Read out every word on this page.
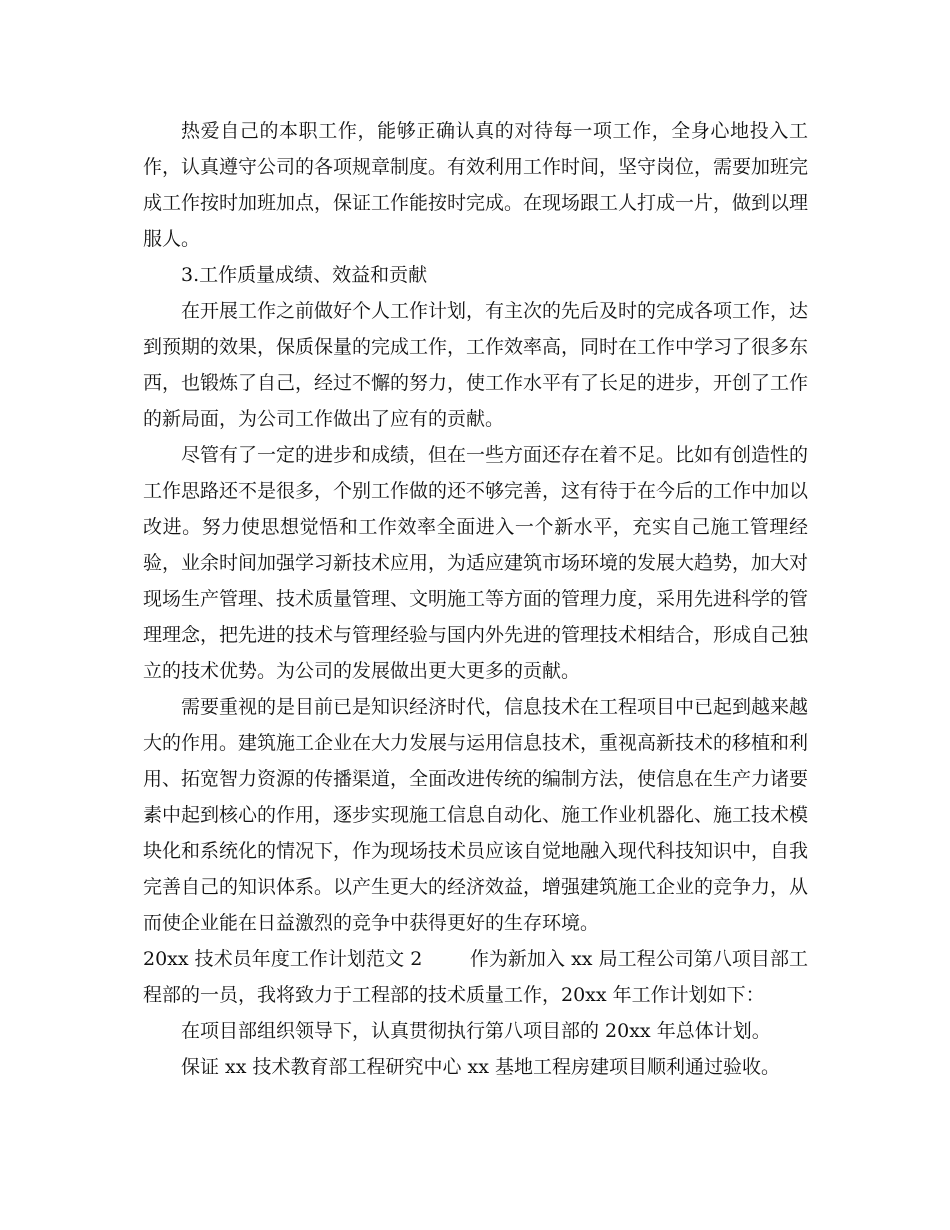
热爱自己的本职工作，能够正确认真的对待每一项工作，全身心地投入工作，认真遵守公司的各项规章制度。有效利用工作时间，坚守岗位，需要加班完成工作按时加班加点，保证工作能按时完成。在现场跟工人打成一片，做到以理服人。

3.工作质量成绩、效益和贡献

在开展工作之前做好个人工作计划，有主次的先后及时的完成各项工作，达到预期的效果，保质保量的完成工作，工作效率高，同时在工作中学习了很多东西，也锻炼了自己，经过不懈的努力，使工作水平有了长足的进步，开创了工作的新局面，为公司工作做出了应有的贡献。

尽管有了一定的进步和成绩，但在一些方面还存在着不足。比如有创造性的工作思路还不是很多，个别工作做的还不够完善，这有待于在今后的工作中加以改进。努力使思想觉悟和工作效率全面进入一个新水平，充实自己施工管理经验，业余时间加强学习新技术应用，为适应建筑市场环境的发展大趋势，加大对现场生产管理、技术质量管理、文明施工等方面的管理力度，采用先进科学的管理理念，把先进的技术与管理经验与国内外先进的管理技术相结合，形成自己独立的技术优势。为公司的发展做出更大更多的贡献。

需要重视的是目前已是知识经济时代，信息技术在工程项目中已起到越来越大的作用。建筑施工企业在大力发展与运用信息技术，重视高新技术的移植和利用、拓宽智力资源的传播渠道，全面改进传统的编制方法，使信息在生产力诸要素中起到核心的作用，逐步实现施工信息自动化、施工作业机器化、施工技术模块化和系统化的情况下，作为现场技术员应该自觉地融入现代科技知识中，自我完善自己的知识体系。以产生更大的经济效益，增强建筑施工企业的竞争力，从而使企业能在日益激烈的竞争中获得更好的生存环境。

20xx 技术员年度工作计划范文 2	作为新加入 xx 局工程公司第八项目部工程部的一员，我将致力于工程部的技术质量工作，20xx 年工作计划如下：

在项目部组织领导下，认真贯彻执行第八项目部的 20xx 年总体计划。

保证 xx 技术教育部工程研究中心 xx 基地工程房建项目顺利通过验收。
